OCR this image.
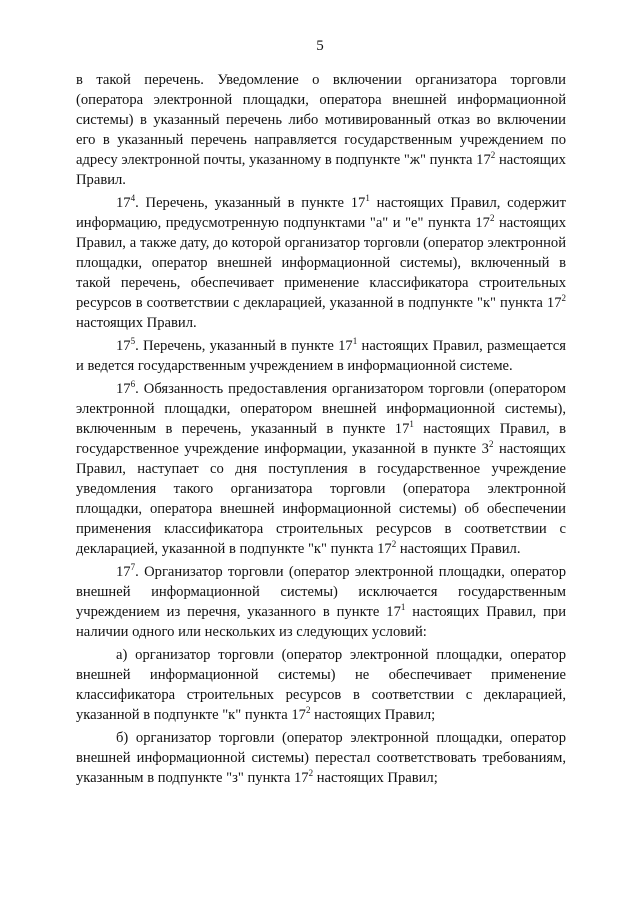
5

в такой перечень. Уведомление о включении организатора торговли (оператора электронной площадки, оператора внешней информационной системы) в указанный перечень либо мотивированный отказ во включении его в указанный перечень направляется государственным учреждением по адресу электронной почты, указанному в подпункте "ж" пункта $17^2$ настоящих Правил.

$17^4$. Перечень, указанный в пункте $17^1$ настоящих Правил, содержит информацию, предусмотренную подпунктами "а" и "е" пункта $17^2$ настоящих Правил, а также дату, до которой организатор торговли (оператор электронной площадки, оператор внешней информационной системы), включенный в такой перечень, обеспечивает применение классификатора строительных ресурсов в соответствии с декларацией, указанной в подпункте "к" пункта $17^2$ настоящих Правил.

$17^5$. Перечень, указанный в пункте $17^1$ настоящих Правил, размещается и ведется государственным учреждением в информационной системе.

$17^6$. Обязанность предоставления организатором торговли (оператором электронной площадки, оператором внешней информационной системы), включенным в перечень, указанный в пункте $17^1$ настоящих Правил, в государственное учреждение информации, указанной в пункте $3^2$ настоящих Правил, наступает со дня поступления в государственное учреждение уведомления такого организатора торговли (оператора электронной площадки, оператора внешней информационной системы) об обеспечении применения классификатора строительных ресурсов в соответствии с декларацией, указанной в подпункте "к" пункта $17^2$ настоящих Правил.

$17^7$. Организатор торговли (оператор электронной площадки, оператор внешней информационной системы) исключается государственным учреждением из перечня, указанного в пункте $17^1$ настоящих Правил, при наличии одного или нескольких из следующих условий:

а) организатор торговли (оператор электронной площадки, оператор внешней информационной системы) не обеспечивает применение классификатора строительных ресурсов в соответствии с декларацией, указанной в подпункте "к" пункта $17^2$ настоящих Правил;

б) организатор торговли (оператор электронной площадки, оператор внешней информационной системы) перестал соответствовать требованиям, указанным в подпункте "з" пункта $17^2$ настоящих Правил;
